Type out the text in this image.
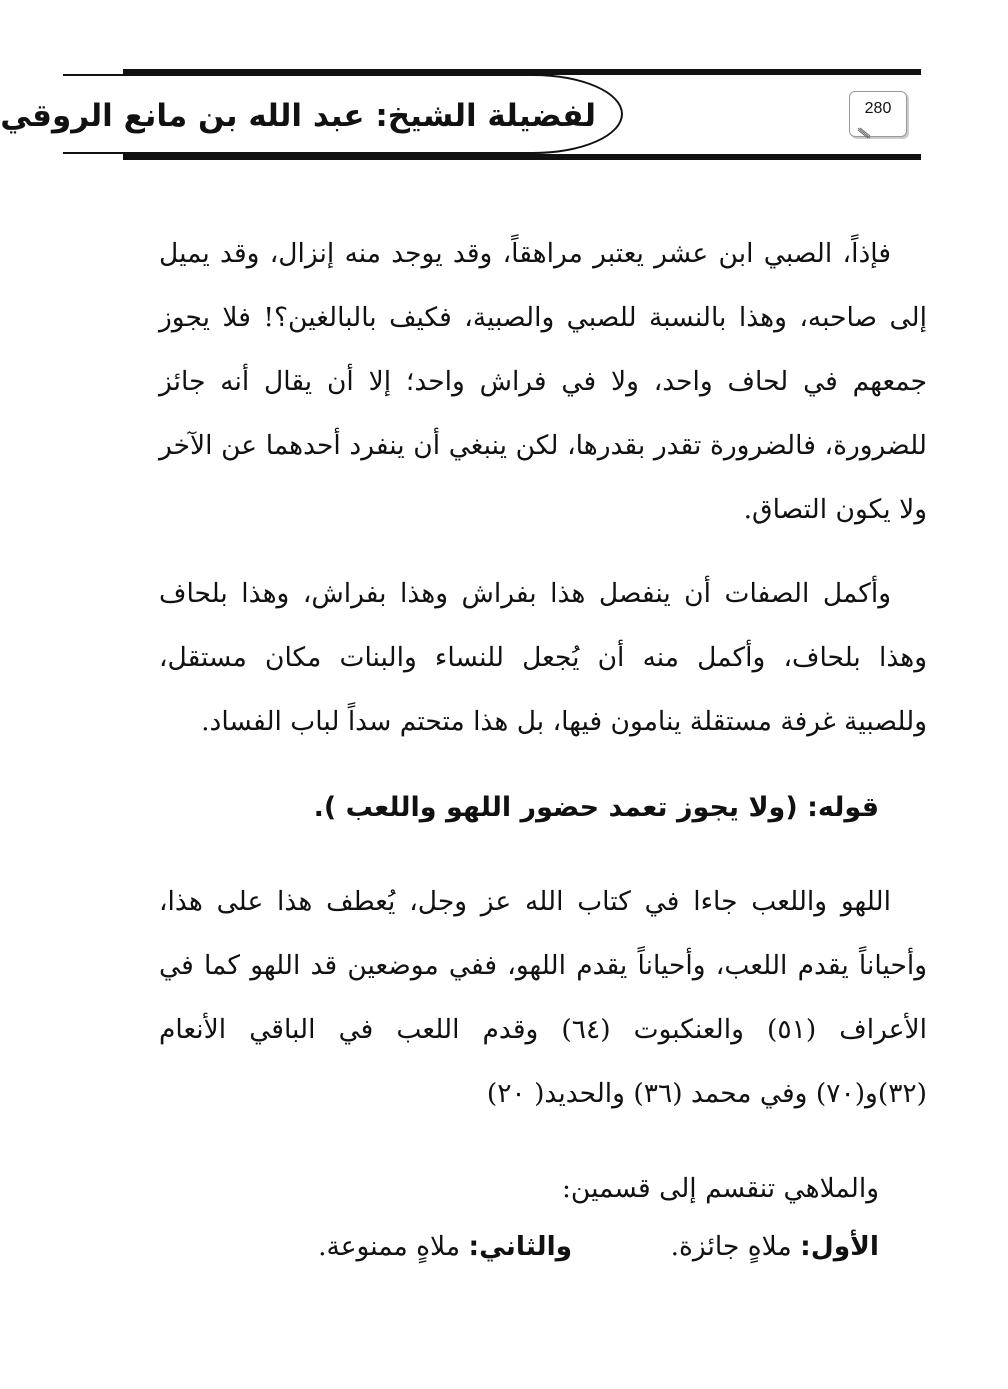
لفضيلة الشيخ: عبد الله بن مانع الروقي	280

فإذاً، الصبي ابن عشر يعتبر مراهقاً، وقد يوجد منه إنزال، وقد يميل إلى صاحبه، وهذا بالنسبة للصبي والصبية، فكيف بالبالغين؟! فلا يجوز جمعهم في لحاف واحد، ولا في فراش واحد؛ إلا أن يقال أنه جائز للضرورة، فالضرورة تقدر بقدرها، لكن ينبغي أن ينفرد أحدهما عن الآخر ولا يكون التصاق.

وأكمل الصفات أن ينفصل هذا بفراش وهذا بفراش، وهذا بلحاف وهذا بلحاف، وأكمل منه أن يُجعل للنساء والبنات مكان مستقل، وللصبية غرفة مستقلة ينامون فيها، بل هذا متحتم سداً لباب الفساد.

قوله: (ولا يجوز تعمد حضور اللهو واللعب ).

اللهو واللعب جاءا في كتاب الله عز وجل، يُعطف هذا على هذا، وأحياناً يقدم اللعب، وأحياناً يقدم اللهو، ففي موضعين قد اللهو كما في الأعراف (٥١) والعنكبوت (٦٤) وقدم اللعب في الباقي الأنعام (٣٢)و(٧٠) وفي محمد (٣٦) والحديد( ٢٠)

والملاهي تنقسم إلى قسمين:

الأول: ملاهٍ جائزة. والثاني: ملاهٍ ممنوعة.
